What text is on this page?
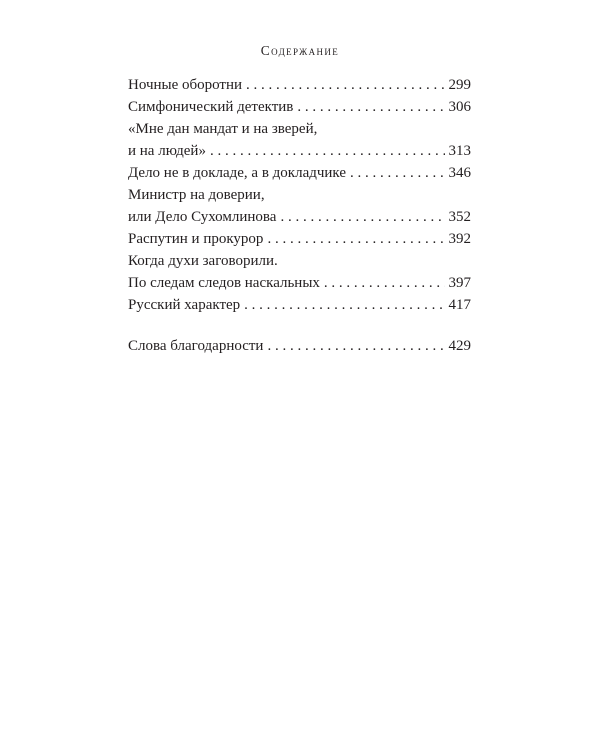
Содержание
Ночные оборотни . . .	299
Симфонический детектив . . .	306
«Мне дан мандат и на зверей,
и на людей» . . .	313
Дело не в докладе, а в докладчике . . .	346
Министр на доверии,
или Дело Сухомлинова . . .	352
Распутин и прокурор . . .	392
Когда духи заговорили.
По следам следов наскальных . . .	397
Русский характер . . .	417
Слова благодарности . . .	429
